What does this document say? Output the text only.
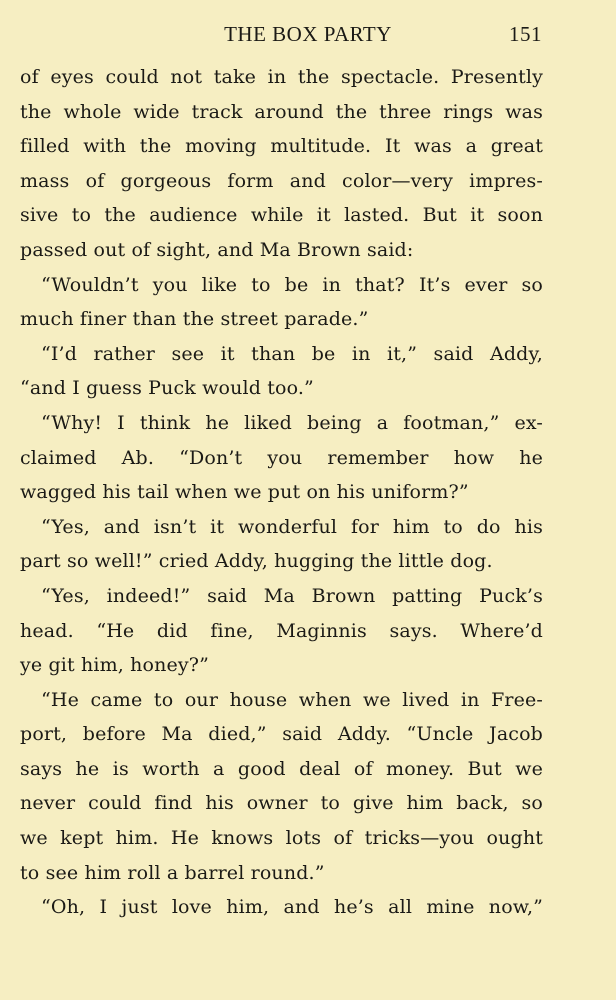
THE BOX PARTY	151
of eyes could not take in the spectacle. Presently
the whole wide track around the three rings was
filled with the moving multitude. It was a great
mass of gorgeous form and color—very impres-
sive to the audience while it lasted. But it soon
passed out of sight, and Ma Brown said:
“Wouldn’t you like to be in that? It’s ever so
much finer than the street parade.”
“I’d rather see it than be in it,” said Addy,
“and I guess Puck would too.”
“Why! I think he liked being a footman,” ex-
claimed Ab. “Don’t you remember how he
wagged his tail when we put on his uniform?”
“Yes, and isn’t it wonderful for him to do his
part so well!” cried Addy, hugging the little dog.
“Yes, indeed!” said Ma Brown patting Puck’s
head. “He did fine, Maginnis says. Where’d
ye git him, honey?”
“He came to our house when we lived in Free-
port, before Ma died,” said Addy. “Uncle Jacob
says he is worth a good deal of money. But we
never could find his owner to give him back, so
we kept him. He knows lots of tricks—you ought
to see him roll a barrel round.”
“Oh, I just love him, and he’s all mine now,”
